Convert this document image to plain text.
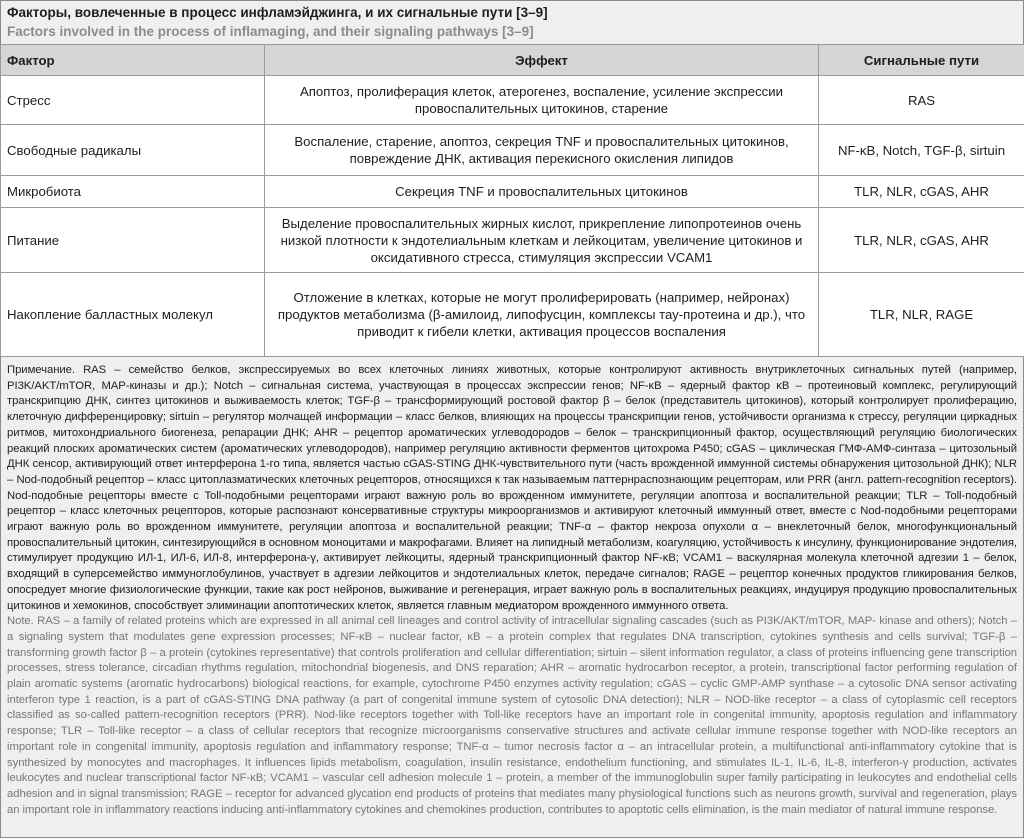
Факторы, вовлеченные в процесс инфламэйджинга, и их сигнальные пути [3–9]
Factors involved in the process of inflamaging, and their signaling pathways [3–9]
Фактор	Эффект	Сигнальные пути
Стресс	Апоптоз, пролиферация клеток, атерогенез, воспаление, усиление экспрессии провоспалительных цитокинов, старение	RAS
Свободные радикалы	Воспаление, старение, апоптоз, секреция TNF и провоспалительных цитокинов, повреждение ДНК, активация перекисного окисления липидов	NF-κB, Notch, TGF-β, sirtuin
Микробиота	Секреция TNF и провоспалительных цитокинов	TLR, NLR, cGAS, AHR
Питание	Выделение провоспалительных жирных кислот, прикрепление липопротеинов очень низкой плотности к эндотелиальным клеткам и лейкоцитам, увеличение цитокинов и оксидативного стресса, стимуляция экспрессии VCAM1	TLR, NLR, cGAS, AHR
Накопление балластных молекул	Отложение в клетках, которые не могут пролиферировать (например, нейронах) продуктов метаболизма (β-амилоид, липофусцин, комплексы тау-протеина и др.), что приводит к гибели клетки, активация процессов воспаления	TLR, NLR, RAGE
Примечание. RAS – семейство белков, экспрессируемых во всех клеточных линиях животных, которые контролируют активность внутриклеточных сигнальных путей (например, PI3K/AKT/mTOR, MAP-киназы и др.); Notch – сигнальная система, участвующая в процессах экспрессии генов; NF-κB – ядерный фактор κB – протеиновый комплекс, регулирующий транскрипцию ДНК, синтез цитокинов и выживаемость клеток; TGF-β – трансформирующий ростовой фактор β – белок (представитель цитокинов), который контролирует пролиферацию, клеточную дифференцировку; sirtuin – регулятор молчащей информации – класс белков, влияющих на процессы транскрипции генов, устойчивости организма к стрессу, регуляции циркадных ритмов, митохондриального биогенеза, репарации ДНК; AHR – рецептор ароматических углеводородов – белок – транскрипционный фактор, осуществляющий регуляцию биологических реакций плоских ароматических систем (ароматических углеводородов), например регуляцию активности ферментов цитохрома P450; cGAS – циклическая ГМФ-АМФ-синтаза – цитозольный ДНК сенсор, активирующий ответ интерферона 1-го типа, является частью cGAS-STING ДНК-чувствительного пути (часть врожденной иммунной системы обнаружения цитозольной ДНК); NLR – Nod-подобный рецептор – класс цитоплазматических клеточных рецепторов, относящихся к так называемым паттернраспознающим рецепторам, или PRR (англ. pattern-recognition receptors). Nod-подобные рецепторы вместе с Toll-подобными рецепторами играют важную роль во врожденном иммунитете, регуляции апоптоза и воспалительной реакции; TLR – Toll-подобный рецептор – класс клеточных рецепторов, которые распознают консервативные структуры микроорганизмов и активируют клеточный иммунный ответ, вместе с Nod-подобными рецепторами играют важную роль во врожденном иммунитете, регуляции апоптоза и воспалительной реакции; TNF-α – фактор некроза опухоли α – внеклеточный белок, многофункциональный провоспалительный цитокин, синтезирующийся в основном моноцитами и макрофагами. Влияет на липидный метаболизм, коагуляцию, устойчивость к инсулину, функционирование эндотелия, стимулирует продукцию ИЛ-1, ИЛ-6, ИЛ-8, интерферона-γ, активирует лейкоциты, ядерный транскрипционный фактор NF-κB; VCAM1 – васкулярная молекула клеточной адгезии 1 – белок, входящий в суперсемейство иммуноглобулинов, участвует в адгезии лейкоцитов и эндотелиальных клеток, передаче сигналов; RAGE – рецептор конечных продуктов гликирования белков, опосредует многие физиологические функции, такие как рост нейронов, выживание и регенерация, играет важную роль в воспалительных реакциях, индуцируя продукцию провоспалительных цитокинов и хемокинов, способствует элиминации апоптотических клеток, является главным медиатором врожденного иммунного ответа.
Note. RAS – a family of related proteins which are expressed in all animal cell lineages and control activity of intracellular signaling cascades (such as PI3K/AKT/mTOR, MAP- kinase and others); Notch – a signaling system that modulates gene expression processes; NF-κB – nuclear factor, κB – a protein complex that regulates DNA transcription, cytokines synthesis and cells survival; TGF-β – transforming growth factor β – a protein (cytokines representative) that controls proliferation and cellular differentiation; sirtuin – silent information regulator, a class of proteins influencing gene transcription processes, stress tolerance, circadian rhythms regulation, mitochondrial biogenesis, and DNS reparation; AHR – aromatic hydrocarbon receptor, a protein, transcriptional factor performing regulation of plain aromatic systems (aromatic hydrocarbons) biological reactions, for example, cytochrome P450 enzymes activity regulation; cGAS – cyclic GMP-AMP synthase – a cytosolic DNA sensor activating interferon type 1 reaction, is a part of cGAS-STING DNA pathway (a part of congenital immune system of cytosolic DNA detection); NLR – NOD-like receptor – a class of cytoplasmic cell receptors classified as so-called pattern-recognition receptors (PRR). Nod-like receptors together with Toll-like receptors have an important role in congenital immunity, apoptosis regulation and inflammatory response; TLR – Toll-like receptor – a class of cellular receptors that recognize microorganisms conservative structures and activate cellular immune response together with NOD-like receptors an important role in congenital immunity, apoptosis regulation and inflammatory response; TNF-α – tumor necrosis factor α – an intracellular protein, a multifunctional anti-inflammatory cytokine that is synthesized by monocytes and macrophages. It influences lipids metabolism, coagulation, insulin resistance, endothelium functioning, and stimulates IL-1, IL-6, IL-8, interferon-γ production, activates leukocytes and nuclear transcriptional factor NF-κB; VCAM1 – vascular cell adhesion molecule 1 – protein, a member of the immunoglobulin super family participating in leukocytes and endothelial cells adhesion and in signal transmission; RAGE – receptor for advanced glycation end products of proteins that mediates many physiological functions such as neurons growth, survival and regeneration, plays an important role in inflammatory reactions inducing anti-inflammatory cytokines and chemokines production, contributes to apoptotic cells elimination, is the main mediator of natural immune response.
